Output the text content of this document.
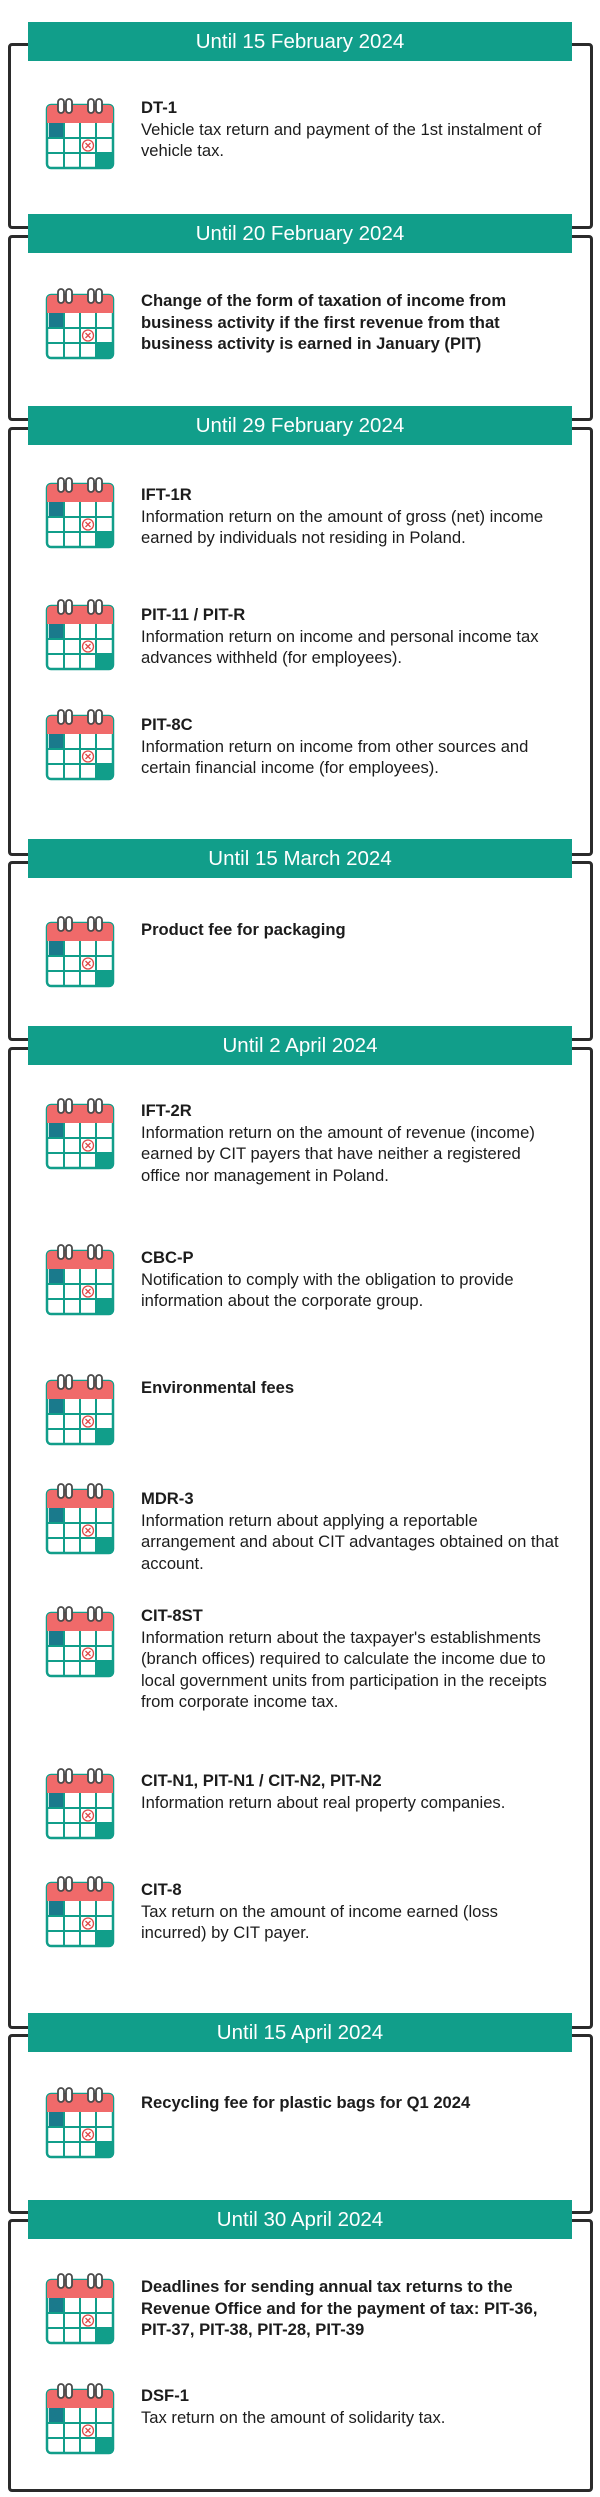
Until 15 February 2024
DT-1
Vehicle tax return and payment of the 1st instalment of vehicle tax.
Until 20 February 2024
Change of the form of taxation of income from business activity if the first revenue from that business activity is earned in January (PIT)
Until 29 February 2024
IFT-1R
Information return on the amount of gross (net) income earned by individuals not residing in Poland.
PIT-11 / PIT-R
Information return on income and personal income tax advances withheld (for employees).
PIT-8C
Information return on income from other sources and certain financial income (for employees).
Until 15 March 2024
Product fee for packaging
Until 2 April 2024
IFT-2R
Information return on the amount of revenue (income) earned by CIT payers that have neither a registered office nor management in Poland.
CBC-P
Notification to comply with the obligation to provide information about the corporate group.
Environmental fees
MDR-3
Information return about applying a reportable arrangement and about CIT advantages obtained on that account.
CIT-8ST
Information return about the taxpayer's establishments (branch offices) required to calculate the income due to local government units from participation in the receipts from corporate income tax.
CIT-N1, PIT-N1 / CIT-N2, PIT-N2
Information return about real property companies.
CIT-8
Tax return on the amount of income earned (loss incurred) by CIT payer.
Until 15 April 2024
Recycling fee for plastic bags for Q1 2024
Until 30 April 2024
Deadlines for sending annual tax returns to the Revenue Office and for the payment of tax: PIT-36, PIT-37, PIT-38, PIT-28, PIT-39
DSF-1
Tax return on the amount of solidarity tax.
